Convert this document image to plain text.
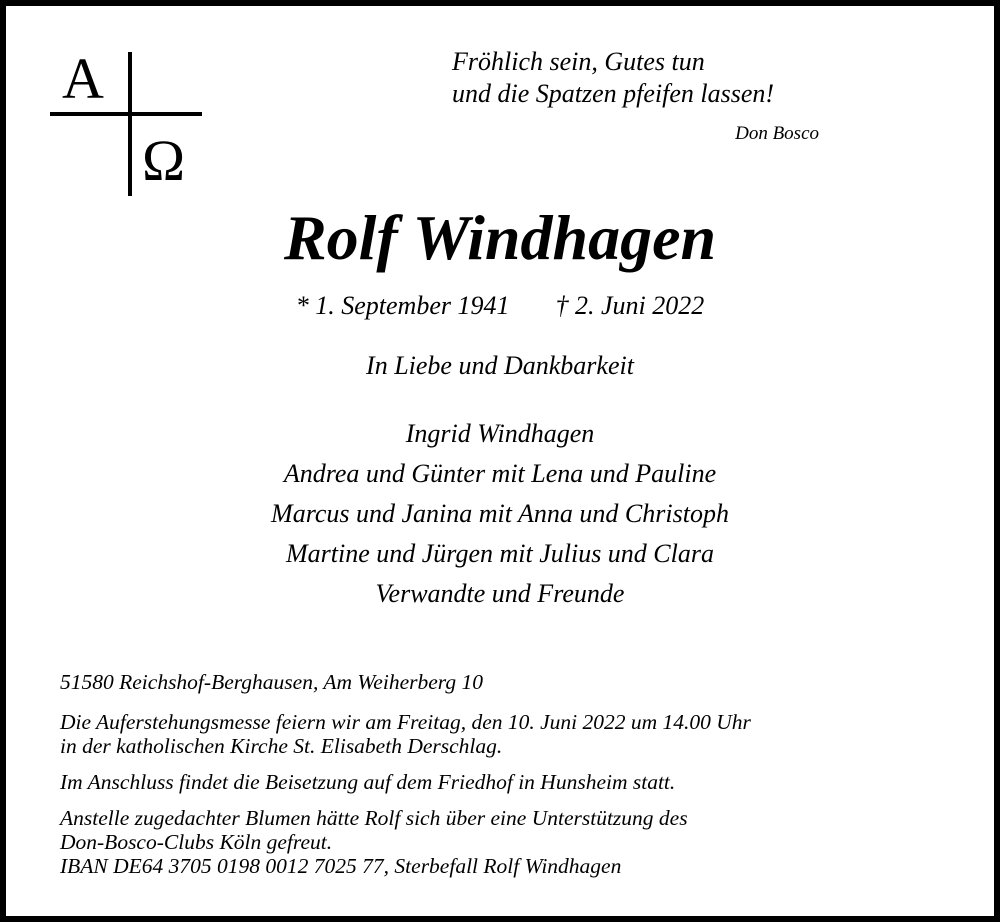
A
Ω
Fröhlich sein, Gutes tun
und die Spatzen pfeifen lassen!
Don Bosco
Rolf Windhagen
* 1. September 1941 † 2. Juni 2022
In Liebe und Dankbarkeit
Ingrid Windhagen
Andrea und Günter mit Lena und Pauline
Marcus und Janina mit Anna und Christoph
Martine und Jürgen mit Julius und Clara
Verwandte und Freunde

51580 Reichshof-Berghausen, Am Weiherberg 10

Die Auferstehungsmesse feiern wir am Freitag, den 10. Juni 2022 um 14.00 Uhr

in der katholischen Kirche St. Elisabeth Derschlag.

Im Anschluss findet die Beisetzung auf dem Friedhof in Hunsheim statt.

Anstelle zugedachter Blumen hätte Rolf sich über eine Unterstützung des

Don-Bosco-Clubs Köln gefreut.

IBAN DE64 3705 0198 0012 7025 77, Sterbefall Rolf Windhagen
